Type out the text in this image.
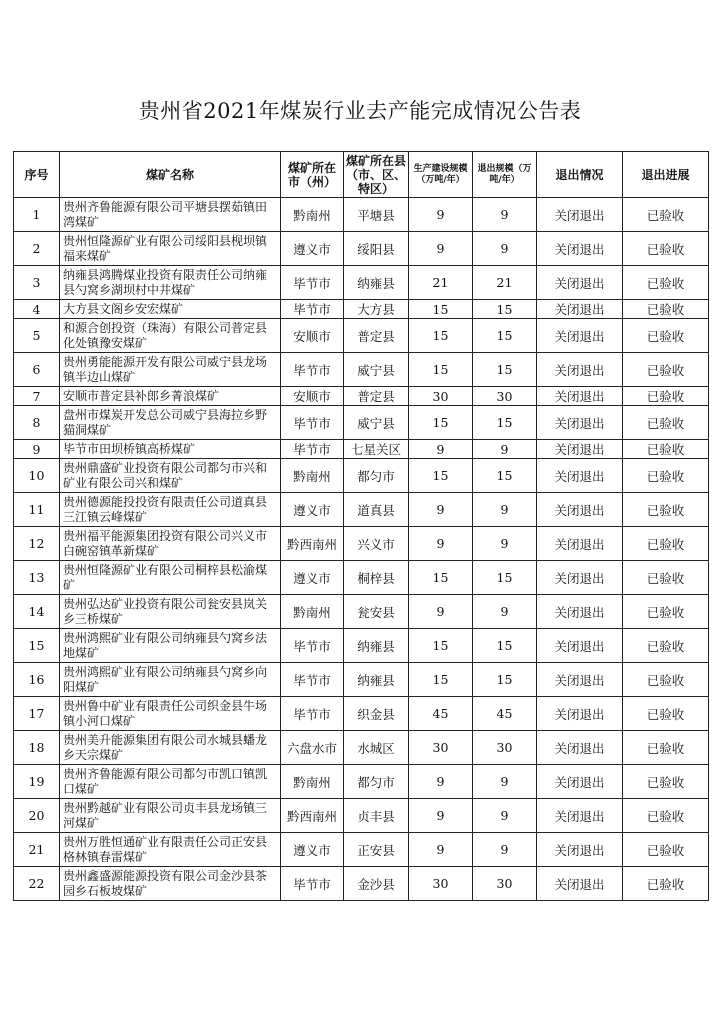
贵州省2021年煤炭行业去产能完成情况公告表
序号	煤矿名称	煤矿所在市（州）	煤矿所在县（市、区、特区）	生产建设规模（万吨/年）	退出规模（万吨/年）	退出情况	退出进展
1	贵州齐鲁能源有限公司平塘县摆茹镇田湾煤矿	黔南州	平塘县	9	9	关闭退出	已验收
2	贵州恒隆源矿业有限公司绥阳县枧坝镇福来煤矿	遵义市	绥阳县	9	9	关闭退出	已验收
3	纳雍县鸿腾煤业投资有限责任公司纳雍县勺窝乡湖坝村中井煤矿	毕节市	纳雍县	21	21	关闭退出	已验收
4	大方县文阁乡安宏煤矿	毕节市	大方县	15	15	关闭退出	已验收
5	和源合创投资（珠海）有限公司普定县化处镇豫安煤矿	安顺市	普定县	15	15	关闭退出	已验收
6	贵州勇能能源开发有限公司威宁县龙场镇半边山煤矿	毕节市	威宁县	15	15	关闭退出	已验收
7	安顺市普定县补郎乡菁浪煤矿	安顺市	普定县	30	30	关闭退出	已验收
8	盘州市煤炭开发总公司威宁县海拉乡野猫洞煤矿	毕节市	威宁县	15	15	关闭退出	已验收
9	毕节市田坝桥镇高桥煤矿	毕节市	七星关区	9	9	关闭退出	已验收
10	贵州鼎盛矿业投资有限公司都匀市兴和矿业有限公司兴和煤矿	黔南州	都匀市	15	15	关闭退出	已验收
11	贵州德源能投投资有限责任公司道真县三江镇云峰煤矿	遵义市	道真县	9	9	关闭退出	已验收
12	贵州福平能源集团投资有限公司兴义市白碗窑镇革新煤矿	黔西南州	兴义市	9	9	关闭退出	已验收
13	贵州恒隆源矿业有限公司桐梓县松渝煤矿	遵义市	桐梓县	15	15	关闭退出	已验收
14	贵州弘达矿业投资有限公司瓮安县岚关乡三桥煤矿	黔南州	瓮安县	9	9	关闭退出	已验收
15	贵州鸿熙矿业有限公司纳雍县勺窝乡法地煤矿	毕节市	纳雍县	15	15	关闭退出	已验收
16	贵州鸿熙矿业有限公司纳雍县勺窝乡向阳煤矿	毕节市	纳雍县	15	15	关闭退出	已验收
17	贵州鲁中矿业有限责任公司织金县牛场镇小河口煤矿	毕节市	织金县	45	45	关闭退出	已验收
18	贵州美升能源集团有限公司水城县蟠龙乡天宗煤矿	六盘水市	水城区	30	30	关闭退出	已验收
19	贵州齐鲁能源有限公司都匀市凯口镇凯口煤矿	黔南州	都匀市	9	9	关闭退出	已验收
20	贵州黔越矿业有限公司贞丰县龙场镇三河煤矿	黔西南州	贞丰县	9	9	关闭退出	已验收
21	贵州万胜恒通矿业有限责任公司正安县格林镇春雷煤矿	遵义市	正安县	9	9	关闭退出	已验收
22	贵州鑫盛源能源投资有限公司金沙县茶园乡石板坡煤矿	毕节市	金沙县	30	30	关闭退出	已验收
